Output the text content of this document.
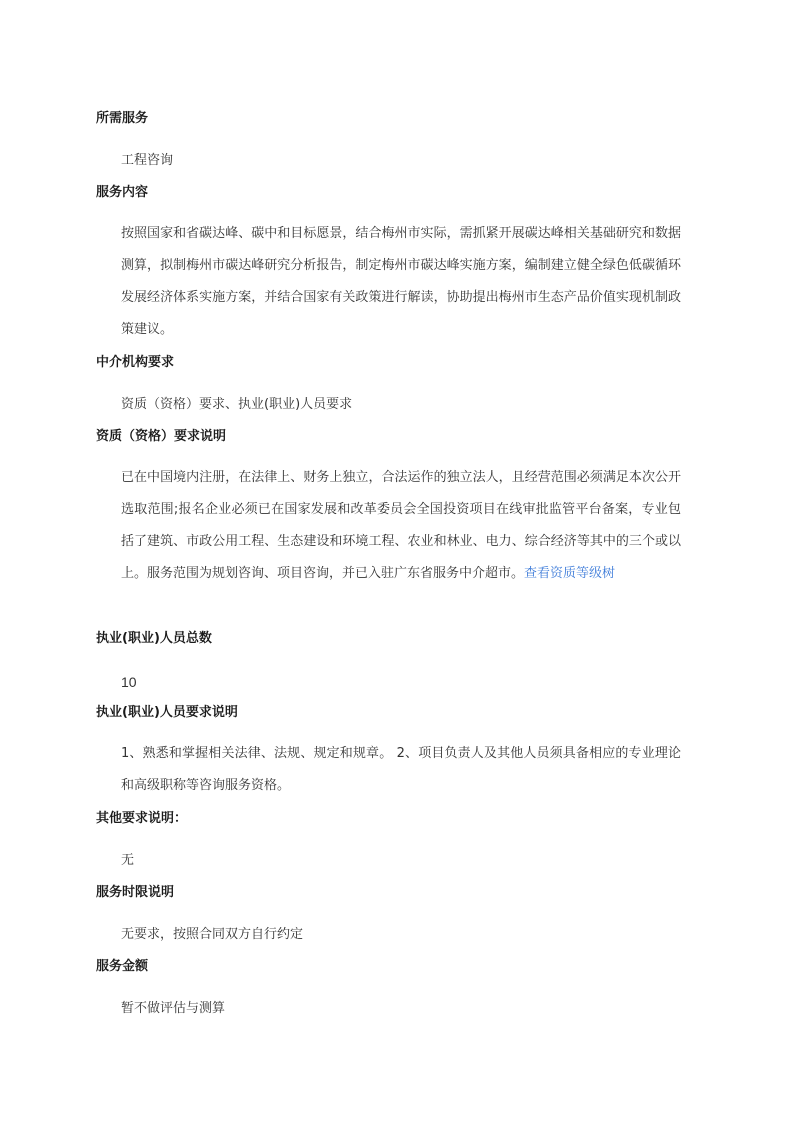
所需服务
工程咨询
服务内容
按照国家和省碳达峰、碳中和目标愿景，结合梅州市实际，需抓紧开展碳达峰相关基础研究和数据测算，拟制梅州市碳达峰研究分析报告，制定梅州市碳达峰实施方案，编制建立健全绿色低碳循环发展经济体系实施方案，并结合国家有关政策进行解读，协助提出梅州市生态产品价值实现机制政策建议。
中介机构要求
资质（资格）要求、执业(职业)人员要求
资质（资格）要求说明
已在中国境内注册，在法律上、财务上独立，合法运作的独立法人，且经营范围必须满足本次公开选取范围;报名企业必须已在国家发展和改革委员会全国投资项目在线审批监管平台备案，专业包括了建筑、市政公用工程、生态建设和环境工程、农业和林业、电力、综合经济等其中的三个或以上。服务范围为规划咨询、项目咨询，并已入驻广东省服务中介超市。查看资质等级树
执业(职业)人员总数
10
执业(职业)人员要求说明
1、熟悉和掌握相关法律、法规、规定和规章。 2、项目负责人及其他人员须具备相应的专业理论和高级职称等咨询服务资格。
其他要求说明：
无
服务时限说明
无要求，按照合同双方自行约定
服务金额
暂不做评估与测算
